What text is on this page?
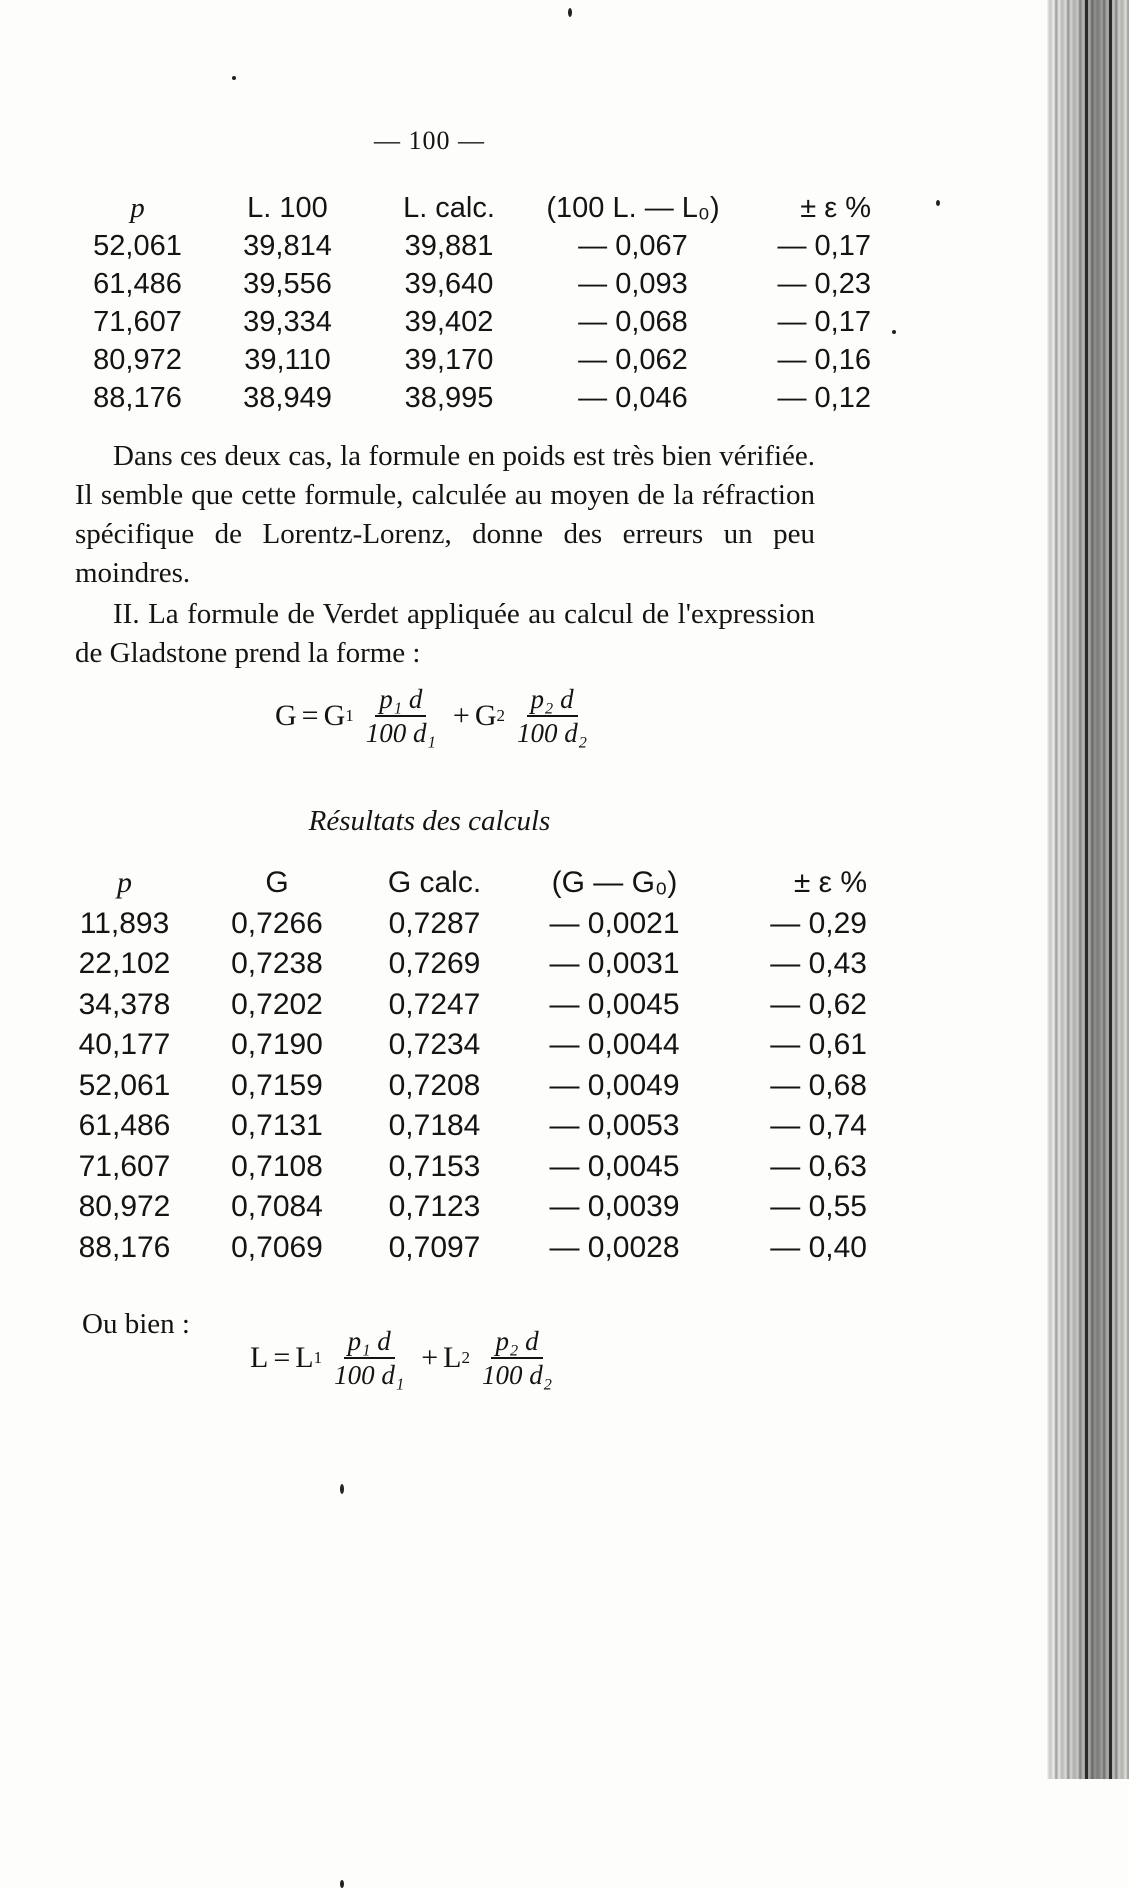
— 100 —
p	L. 100	L. calc.	(100 L. — L₀)	± ε %
52,061	39,814	39,881	— 0,067	— 0,17
61,486	39,556	39,640	— 0,093	— 0,23
71,607	39,334	39,402	— 0,068	— 0,17
80,972	39,110	39,170	— 0,062	— 0,16
88,176	38,949	38,995	— 0,046	— 0,12
Dans ces deux cas, la formule en poids est très bien vérifiée. Il semble que cette formule, calculée au moyen de la réfraction spécifique de Lorentz-Lorenz, donne des erreurs un peu moindres.
II. La formule de Verdet appliquée au calcul de l'expression de Gladstone prend la forme :
G = G $1 \frac{\text{p₁ d}}{\text{100 d₁}} + G$ $2 \frac{\text{p₂ d}}{\text{100 d₂}}$
Résultats des calculs
p	G	G calc.	(G — G₀)	± ε %
11,893	0,7266	0,7287	— 0,0021	— 0,29
22,102	0,7238	0,7269	— 0,0031	— 0,43
34,378	0,7202	0,7247	— 0,0045	— 0,62
40,177	0,7190	0,7234	— 0,0044	— 0,61
52,061	0,7159	0,7208	— 0,0049	— 0,68
61,486	0,7131	0,7184	— 0,0053	— 0,74
71,607	0,7108	0,7153	— 0,0045	— 0,63
80,972	0,7084	0,7123	— 0,0039	— 0,55
88,176	0,7069	0,7097	— 0,0028	— 0,40
Ou bien :
L = L $1 \frac{\text{p₁ d}}{\text{100 d₁}} + L$ $2 \frac{\text{p₂ d}}{\text{100 d₂}}$
